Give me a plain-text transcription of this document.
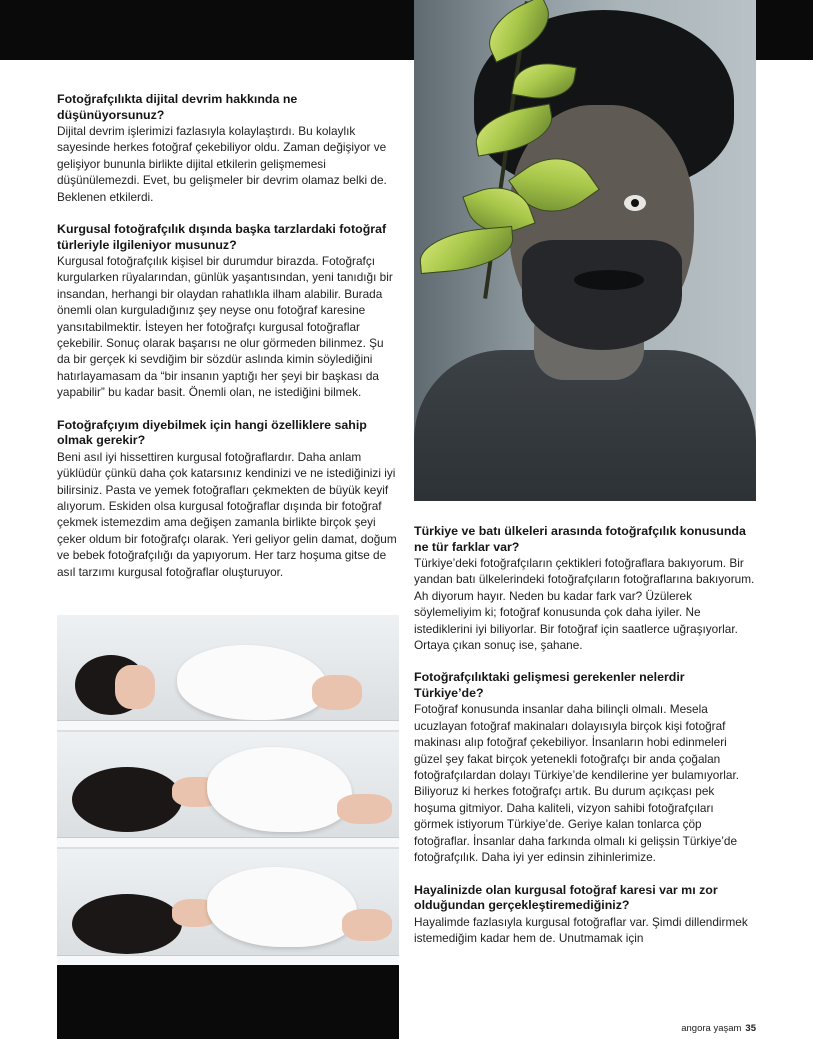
Fotoğrafçılıkta dijital devrim hakkında ne düşünüyorsunuz?

Dijital devrim işlerimizi fazlasıyla kolaylaştırdı. Bu kolaylık sayesinde herkes fotoğraf çekebiliyor oldu. Zaman değişiyor ve gelişiyor bununla birlikte dijital etkilerin gelişmemesi düşünülemezdi. Evet, bu gelişmeler bir devrim olamaz belki de. Beklenen etkilerdi.

Kurgusal fotoğrafçılık dışında başka tarzlardaki fotoğraf türleriyle ilgileniyor musunuz?

Kurgusal fotoğrafçılık kişisel bir durumdur birazda. Fotoğrafçı kurgularken rüyalarından, günlük yaşantısından, yeni tanıdığı bir insandan, herhangi bir olaydan rahatlıkla ilham alabilir. Burada önemli olan kurguladığınız şey neyse onu fotoğraf karesine yansıtabilmektir. İsteyen her fotoğrafçı kurgusal fotoğraflar çekebilir. Sonuç olarak başarısı ne olur görmeden bilinmez. Şu da bir gerçek ki sevdiğim bir sözdür aslında kimin söylediğini hatırlayamasam da “bir insanın yaptığı her şeyi bir başkası da yapabilir” bu kadar basit. Önemli olan, ne istediğini bilmek.

Fotoğrafçıyım diyebilmek için hangi özelliklere sahip olmak gerekir?

Beni asıl iyi hissettiren kurgusal fotoğraflardır. Daha anlam yüklüdür çünkü daha çok katarsınız kendinizi ve ne istediğinizi iyi bilirsiniz. Pasta ve yemek fotoğrafları çekmekten de büyük keyif alıyorum. Eskiden olsa kurgusal fotoğraflar dışında bir fotoğraf çekmek istemezdim ama değişen zamanla birlikte birçok şeyi çeker oldum bir fotoğrafçı olarak. Yeri geliyor gelin damat, doğum ve bebek fotoğrafçılığı da yapıyorum. Her tarz hoşuma gitse de asıl tarzımı kurgusal fotoğraflar oluşturuyor.

Türkiye ve batı ülkeleri arasında fotoğrafçılık konusunda ne tür farklar var?

Türkiye’deki fotoğrafçıların çektikleri fotoğraflara bakıyorum. Bir yandan batı ülkelerindeki fotoğrafçıların fotoğraflarına bakıyorum. Ah diyorum hayır. Neden bu kadar fark var? Üzülerek söylemeliyim ki; fotoğraf konusunda çok daha iyiler. Ne istediklerini iyi biliyorlar. Bir fotoğraf için saatlerce uğraşıyorlar. Ortaya çıkan sonuç ise, şahane.

Fotoğrafçılıktaki gelişmesi gerekenler nelerdir Türkiye’de?

Fotoğraf konusunda insanlar daha bilinçli olmalı. Mesela ucuzlayan fotoğraf makinaları dolayısıyla birçok kişi fotoğraf makinası alıp fotoğraf çekebiliyor. İnsanların hobi edinmeleri güzel şey fakat birçok yetenekli fotoğrafçı bir anda çoğalan fotoğrafçılardan dolayı Türkiye’de kendilerine yer bulamıyorlar. Biliyoruz ki herkes fotoğrafçı artık. Bu durum açıkçası pek hoşuma gitmiyor. Daha kaliteli, vizyon sahibi fotoğrafçıları görmek istiyorum Türkiye’de. Geriye kalan tonlarca çöp fotoğraflar. İnsanlar daha farkında olmalı ki gelişsin Türkiye’de fotoğrafçılık. Daha iyi yer edinsin zihinlerimize.

Hayalinizde olan kurgusal fotoğraf karesi var mı zor olduğundan gerçekleştiremediğiniz?

Hayalimde fazlasıyla kurgusal fotoğraflar var. Şimdi dillendirmek istemediğim kadar hem de. Unutmamak için

angora yaşam 35
